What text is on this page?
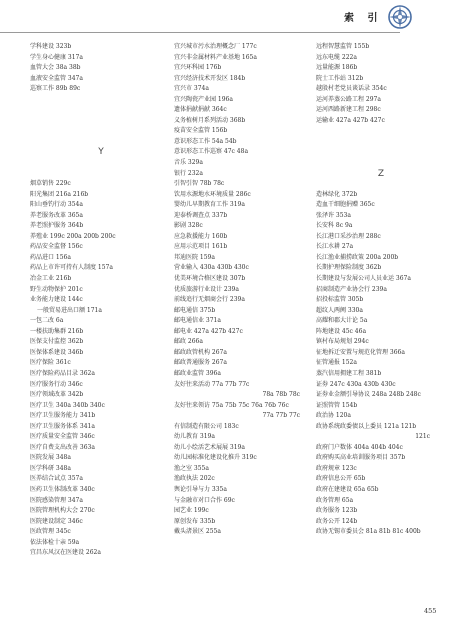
索 引
学科建设 323b
学生身心健康 317a
血管大会 38a 38b
血液安全监管 347a
巡察工作 89b 89c
Y
烟草销售 229c
阳光集团 216a 216b
阳山垂钓行动 354a
养老服务改革 365a
养老照护服务 364b
养殖业 199c 200a 200b 200c
药品安全监督 156c
药品进口 156a
药品上市许可持有人制度 157a
冶金工业 216b
野生动物保护 201c
业务能力建设 144c
一般贸易进出口额 171a
一包二改 6a
一楼扶助集群 216b
医保支付监控 362b
医保体系建设 346b
医疗保险 361c
医疗保险药品目录 362a
医疗服务行动 346c
医疗领域改革 342b
医疗卫生 340a 340b 340c
医疗卫生服务能力 341b
医疗卫生服务体系 341a
医疗质量安全监管 346c
医疗自费支出改善 363a
医院发展 348a
医学科研 348a
医养结合试点 357a
医药卫生体制改革 340c
医院感染管理 347a
医院管理机构大会 270c
医院建设制定 346c
医政管理 345c
依法体检十亲 59a
宜昌东风汉在医建设 262a
宜兴城市污水治理概念厂 177c
宜兴非金属材料产业基地 165a
宜兴环科园 176b
宜兴经济技术开发区 184b
宜兴市 374a
宜兴陶瓷产业园 196a
遗体捐献捐献 364c
义务植树月系列活动 368b
疫苗安全监管 156b
意识形态工作 54a 54b
意识形态工作巡察 47c 48a
音乐 329a
银行 232a
引智引智 78b 78c
饮用水源地水环境质量 286c
婴幼儿早期教育工作 319a
迎泰桥调查点 337b
影剧 328c
应急救援能力 160b
应用示范项目 161b
邦迪医院 159a
营业输入 430a 430b 430c
优美环境合格区建设 307b
优质旅游行业设计 239a
前线追行无烟商会行 239a
邮电通信 375b
邮电通信业 371a
邮电业 427a 427b 427c
邮政 266a
邮政政管机构 267a
邮政普通服务 267a
邮政业监管 396a
友好往来活动 77a 77b 77c
78a 78b 78c
友好往来领访 75a 75b 75c 76a 76b 76c
77a 77b 77c
有信制造有限公司 183c
幼儿教育 319a
幼儿小绘活艺术展展 319a
幼儿园标准化建设化推升 319c
渔之室 355a
渔政执法 202c
舆论引导与力 335a
与金融市对口合作 69c
园艺业 199c
原创发布 335b
戴头渚景区 255a
远程智慧监管 155b
远东电缆 222a
远量能源 186b
院士工作站 312b
越殷村老党员谈话录 354c
运河养蒸公路工程 297a
运河西路新建工程 298c
运输业 427a 427b 427c
Z
造林绿化 372b
造血干细胞捐赠 365c
张泽许 353a
长安科 8c 9a
长江港口采沙治理 288c
长江水耕 27a
长江渔业捕捞政策 200a 200b
长期护理保险制度 362b
长期建设与发展公司人员业运 367a
招商制造产业协会行 239a
招投标监管 305b
超纹人两阙 330a
高耀和郡大计论 5a
阵地建设 45c 46a
镇村布局规划 294c
征地拆迁安置与规范化管理 366a
征管通报 152a
蒸汽信用拥建工程 381b
证券 247c 430a 430b 430c
证券业金额引导协议 248a 248b 248c
证照管管 154b
政治协 120a
政协系统政委债以上委员 121a 121b
121c
政府门户数体 404a 404b 404c
政府购买高业培训服务项目 357b
政府规章 123c
政府信息公开 65b
政府在建建设 65a 65b
政务管理 65a
政务服务 123b
政务公开 124b
政协无锡市委员会 81a 81b 81c 400b
455
